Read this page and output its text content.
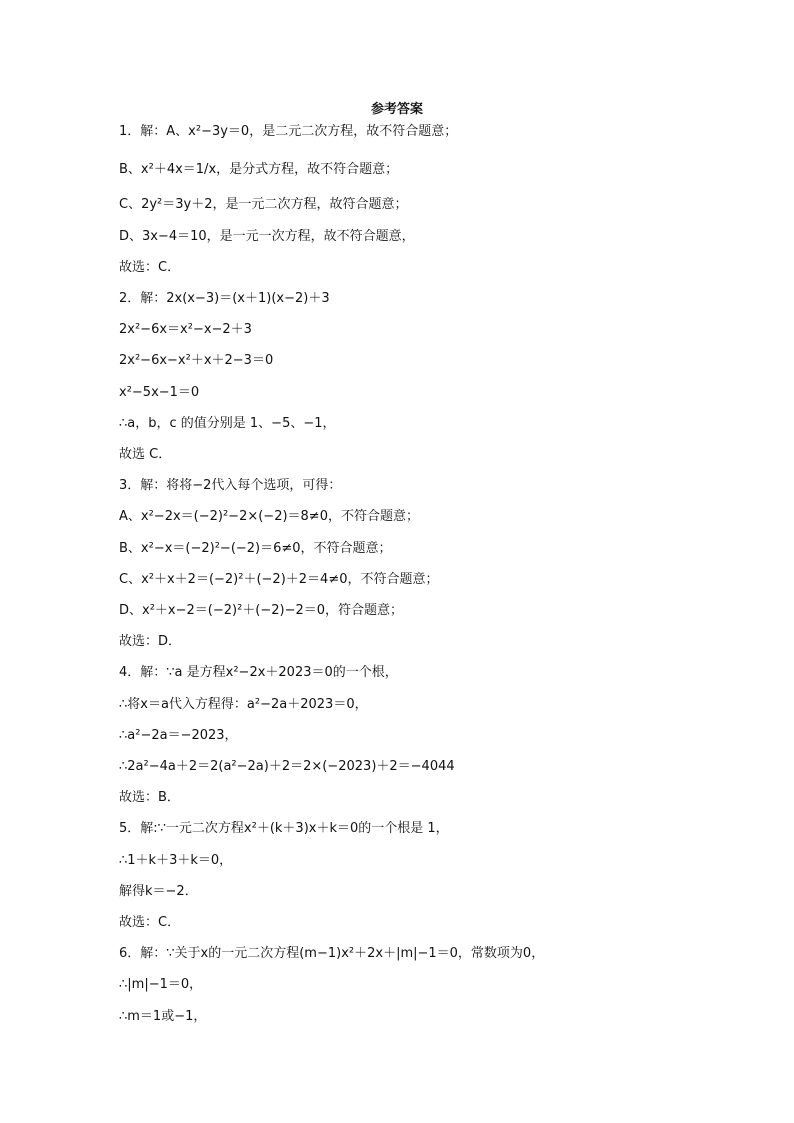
参考答案
1．解：A、x²−3y＝0，是二元二次方程，故不符合题意；
B、x²＋4x＝1/x，是分式方程，故不符合题意；
C、2y²＝3y＋2，是一元二次方程，故符合题意；
D、3x−4＝10，是一元一次方程，故不符合题意，
故选：C．
2．解：2x(x−3)＝(x＋1)(x−2)＋3
2x²−6x＝x²−x−2＋3
2x²−6x−x²＋x＋2−3＝0
x²−5x−1＝0
∴a，b，c 的值分别是 1、−5、−1，
故选 C．
3．解：将将−2代入每个选项，可得：
A、x²−2x＝(−2)²−2×(−2)＝8≠0，不符合题意；
B、x²−x＝(−2)²−(−2)＝6≠0，不符合题意；
C、x²＋x＋2＝(−2)²＋(−2)＋2＝4≠0，不符合题意；
D、x²＋x−2＝(−2)²＋(−2)−2＝0，符合题意；
故选：D．
4．解：∵a 是方程x²−2x＋2023＝0的一个根，
∴将x＝a代入方程得：a²−2a＋2023＝0，
∴a²−2a＝−2023，
∴2a²−4a＋2＝2(a²−2a)＋2＝2×(−2023)＋2＝−4044
故选：B．
5．解:∵一元二次方程x²＋(k＋3)x＋k＝0的一个根是 1，
∴1＋k＋3＋k＝0，
解得k＝−2．
故选：C．
6．解：∵关于x的一元二次方程(m−1)x²＋2x＋|m|−1＝0，常数项为0，
∴|m|−1＝0，
∴m＝1或−1，
